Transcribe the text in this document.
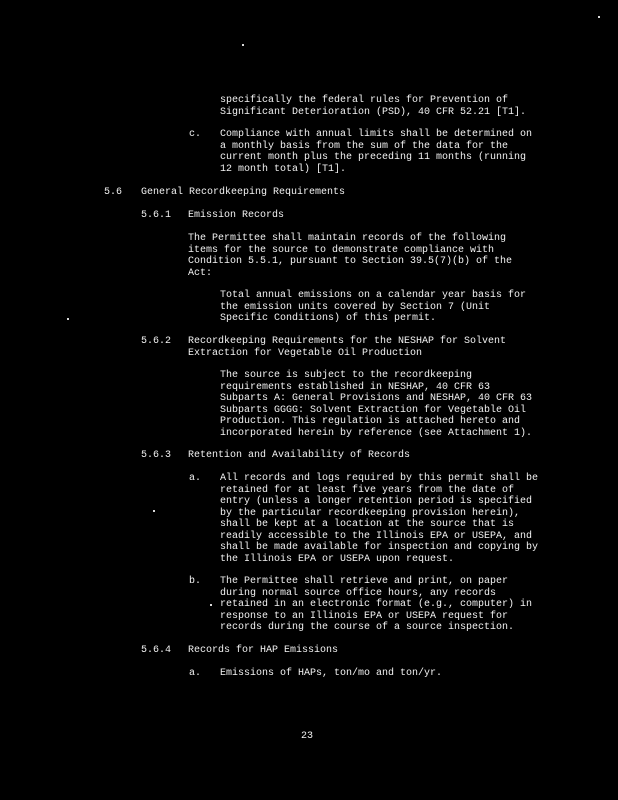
specifically the federal rules for Prevention of
Significant Deterioration (PSD), 40 CFR 52.21 [T1].
c. Compliance with annual limits shall be determined on
a monthly basis from the sum of the data for the
current month plus the preceding 11 months (running
12 month total) [T1].
5.6 General Recordkeeping Requirements
5.6.1 Emission Records
The Permittee shall maintain records of the following
items for the source to demonstrate compliance with
Condition 5.5.1, pursuant to Section 39.5(7)(b) of the
Act:
Total annual emissions on a calendar year basis for
the emission units covered by Section 7 (Unit
Specific Conditions) of this permit.
5.6.2 Recordkeeping Requirements for the NESHAP for Solvent
Extraction for Vegetable Oil Production
The source is subject to the recordkeeping
requirements established in NESHAP, 40 CFR 63
Subparts A: General Provisions and NESHAP, 40 CFR 63
Subparts GGGG: Solvent Extraction for Vegetable Oil
Production. This regulation is attached hereto and
incorporated herein by reference (see Attachment 1).
5.6.3 Retention and Availability of Records
a. All records and logs required by this permit shall be
retained for at least five years from the date of
entry (unless a longer retention period is specified
by the particular recordkeeping provision herein),
shall be kept at a location at the source that is
readily accessible to the Illinois EPA or USEPA, and
shall be made available for inspection and copying by
the Illinois EPA or USEPA upon request.
b. The Permittee shall retrieve and print, on paper
during normal source office hours, any records
retained in an electronic format (e.g., computer) in
response to an Illinois EPA or USEPA request for
records during the course of a source inspection.
5.6.4 Records for HAP Emissions
a. Emissions of HAPs, ton/mo and ton/yr.
23
